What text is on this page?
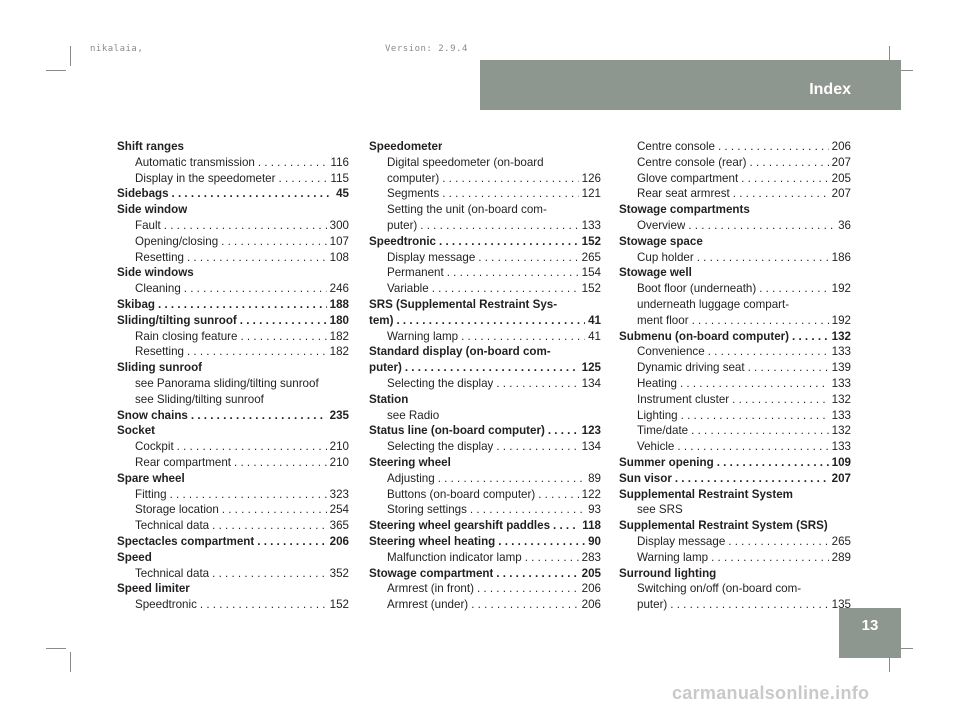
nikalaia,	Version: 2.9.4
Index
13
Shift ranges
Automatic transmission . . .	116
Display in the speedometer . . .	115
Sidebags . . .	45
Side window
Fault . . .	300
Opening/closing . . .	107
Resetting . . .	108
Side windows
Cleaning . . .	246
Skibag . . .	188
Sliding/tilting sunroof . . .	180
Rain closing feature . . .	182
Resetting . . .	182
Sliding sunroof
see Panorama sliding/tilting sunroof
see Sliding/tilting sunroof
Snow chains . . .	235
Socket
Cockpit . . .	210
Rear compartment . . .	210
Spare wheel
Fitting . . .	323
Storage location . . .	254
Technical data . . .	365
Spectacles compartment . . .	206
Speed
Technical data . . .	352
Speed limiter
Speedtronic . . .	152
Speedometer
Digital speedometer (on-board
computer) . . .	126
Segments . . .	121
Setting the unit (on-board com-
puter) . . .	133
Speedtronic . . .	152
Display message . . .	265
Permanent . . .	154
Variable . . .	152
SRS (Supplemental Restraint Sys-
tem) . . .	41
Warning lamp . . .	41
Standard display (on-board com-
puter) . . .	125
Selecting the display . . .	134
Station
see Radio
Status line (on-board computer) . . .	123
Selecting the display . . .	134
Steering wheel
Adjusting . . .	89
Buttons (on-board computer) . . .	122
Storing settings . . .	93
Steering wheel gearshift paddles . . .	118
Steering wheel heating . . .	90
Malfunction indicator lamp . . .	283
Stowage compartment . . .	205
Armrest (in front) . . .	206
Armrest (under) . . .	206
Centre console . . .	206
Centre console (rear) . . .	207
Glove compartment . . .	205
Rear seat armrest . . .	207
Stowage compartments
Overview . . .	36
Stowage space
Cup holder . . .	186
Stowage well
Boot floor (underneath) . . .	192
underneath luggage compart-
ment floor . . .	192
Submenu (on-board computer) . . .	132
Convenience . . .	133
Dynamic driving seat . . .	139
Heating . . .	133
Instrument cluster . . .	132
Lighting . . .	133
Time/date . . .	132
Vehicle . . .	133
Summer opening . . .	109
Sun visor . . .	207
Supplemental Restraint System
see SRS
Supplemental Restraint System (SRS)
Display message . . .	265
Warning lamp . . .	289
Surround lighting
Switching on/off (on-board com-
puter) . . .	135
carmanualsonline.info
